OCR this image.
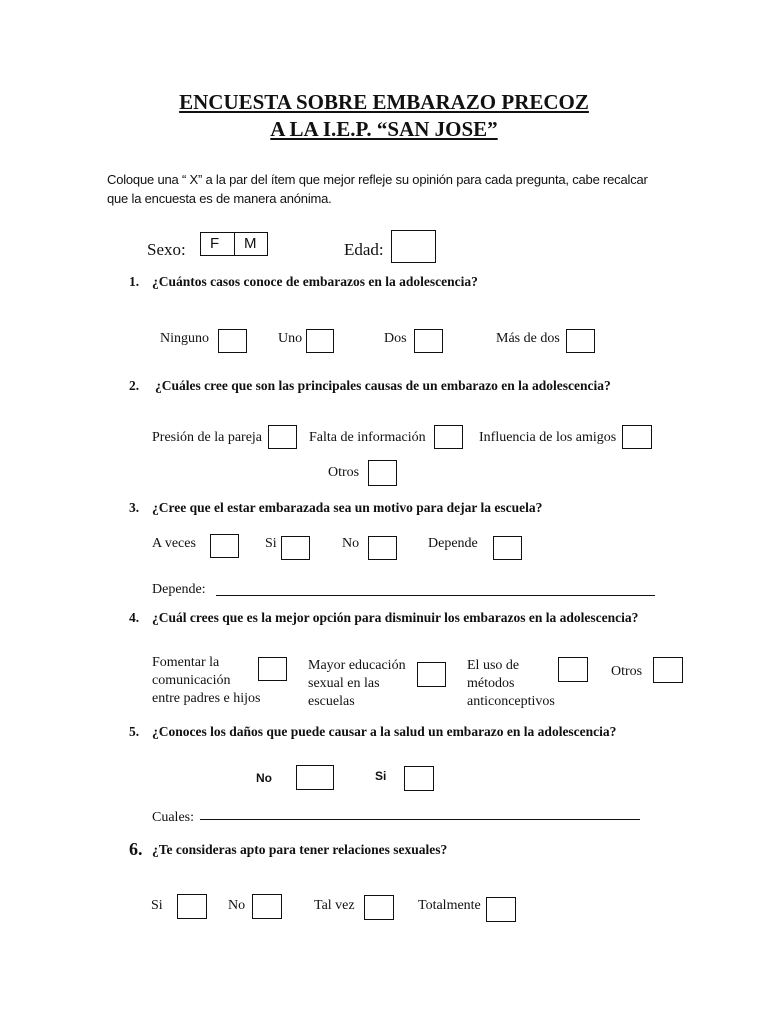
ENCUESTA SOBRE EMBARAZO PRECOZ
A LA I.E.P. “SAN JOSE”
Coloque una “ X” a la par del ítem que mejor refleje su opinión para cada pregunta, cabe recalcar
que la encuesta es de manera anónima.
Sexo: F M	Edad:
1. ¿Cuántos casos conoce de embarazos en la adolescencia?
Ninguno	Uno	Dos	Más de dos
2. ¿Cuáles cree que son las principales causas de un embarazo en la adolescencia?
Presión de la pareja	Falta de información	Influencia de los amigos
Otros
3. ¿Cree que el estar embarazada sea un motivo para dejar la escuela?
A veces	Si	No	Depende
Depende:
4. ¿Cuál crees que es la mejor opción para disminuir los embarazos en la adolescencia?
Fomentar la
comunicación
entre padres e hijos
Mayor educación
sexual en las
escuelas
El uso de
métodos
anticonceptivos
Otros
5. ¿Conoces los daños que puede causar a la salud un embarazo en la adolescencia?
No	Si
Cuales:
6. ¿Te consideras apto para tener relaciones sexuales?
Si	No	Tal vez	Totalmente
